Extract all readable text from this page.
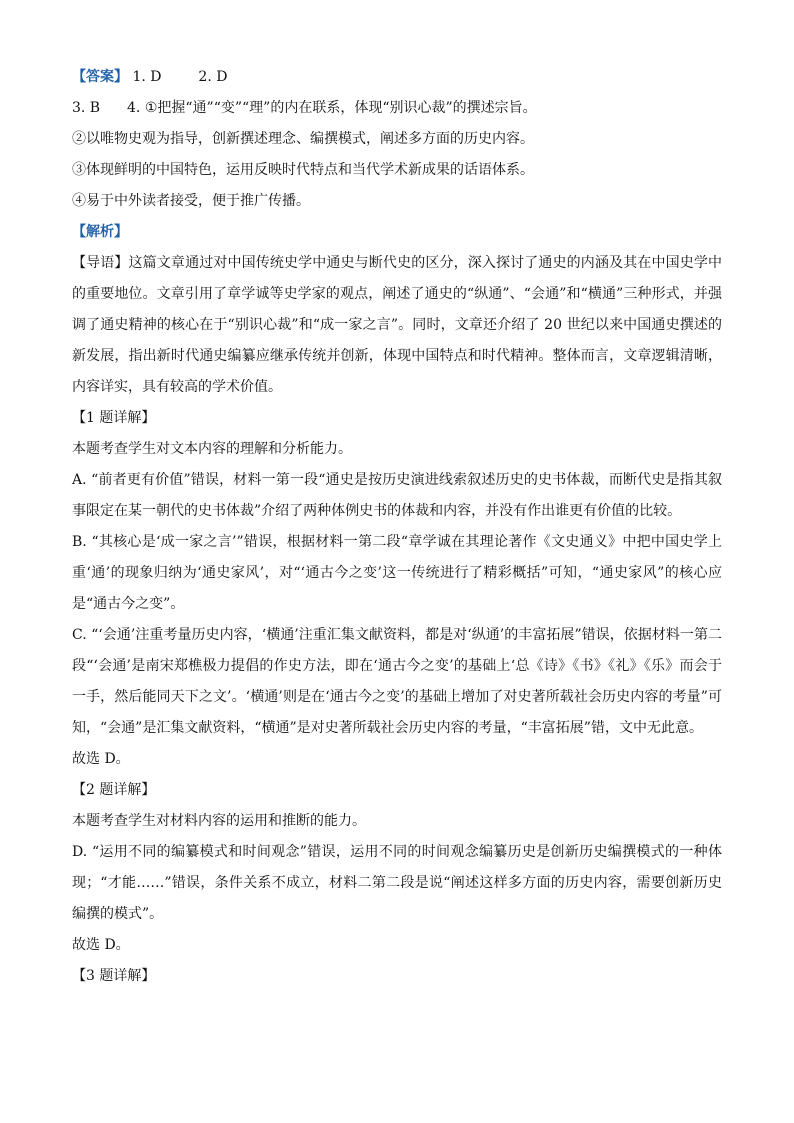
【答案】 1. D	2. D
3. B 4. ①把握“通”“变”“理”的内在联系，体现“别识心裁”的撰述宗旨。
②以唯物史观为指导，创新撰述理念、编撰模式，阐述多方面的历史内容。
③体现鲜明的中国特色，运用反映时代特点和当代学术新成果的话语体系。
④易于中外读者接受，便于推广传播。
【解析】
【导语】这篇文章通过对中国传统史学中通史与断代史的区分，深入探讨了通史的内涵及其在中国史学中的重要地位。文章引用了章学诚等史学家的观点，阐述了通史的“纵通”、“会通”和“横通”三种形式，并强调了通史精神的核心在于“别识心裁”和“成一家之言”。同时，文章还介绍了 20 世纪以来中国通史撰述的新发展，指出新时代通史编纂应继承传统并创新，体现中国特点和时代精神。整体而言，文章逻辑清晰，内容详实，具有较高的学术价值。
【1 题详解】
本题考查学生对文本内容的理解和分析能力。
A. “前者更有价值”错误，材料一第一段“通史是按历史演进线索叙述历史的史书体裁，而断代史是指其叙事限定在某一朝代的史书体裁”介绍了两种体例史书的体裁和内容，并没有作出谁更有价值的比较。
B. “其核心是‘成一家之言’”错误，根据材料一第二段“章学诚在其理论著作《文史通义》中把中国史学上重‘通’的现象归纳为‘通史家风’，对“‘通古今之变’这一传统进行了精彩概括”可知，“通史家风”的核心应是“通古今之变”。
C. “‘会通’注重考量历史内容，‘横通’注重汇集文献资料，都是对‘纵通’的丰富拓展”错误，依据材料一第二段“‘会通’是南宋郑樵极力提倡的作史方法，即在‘通古今之变’的基础上‘总《诗》《书》《礼》《乐》而会于一手，然后能同天下之文’。‘横通’则是在‘通古今之变’的基础上增加了对史著所载社会历史内容的考量”可知，“会通”是汇集文献资料，“横通”是对史著所载社会历史内容的考量，“丰富拓展”错，文中无此意。
故选 D。
【2 题详解】
本题考查学生对材料内容的运用和推断的能力。
D. “运用不同的编纂模式和时间观念”错误，运用不同的时间观念编纂历史是创新历史编撰模式的一种体现；“才能……”错误，条件关系不成立，材料二第二段是说“阐述这样多方面的历史内容，需要创新历史编撰的模式”。
故选 D。
【3 题详解】
